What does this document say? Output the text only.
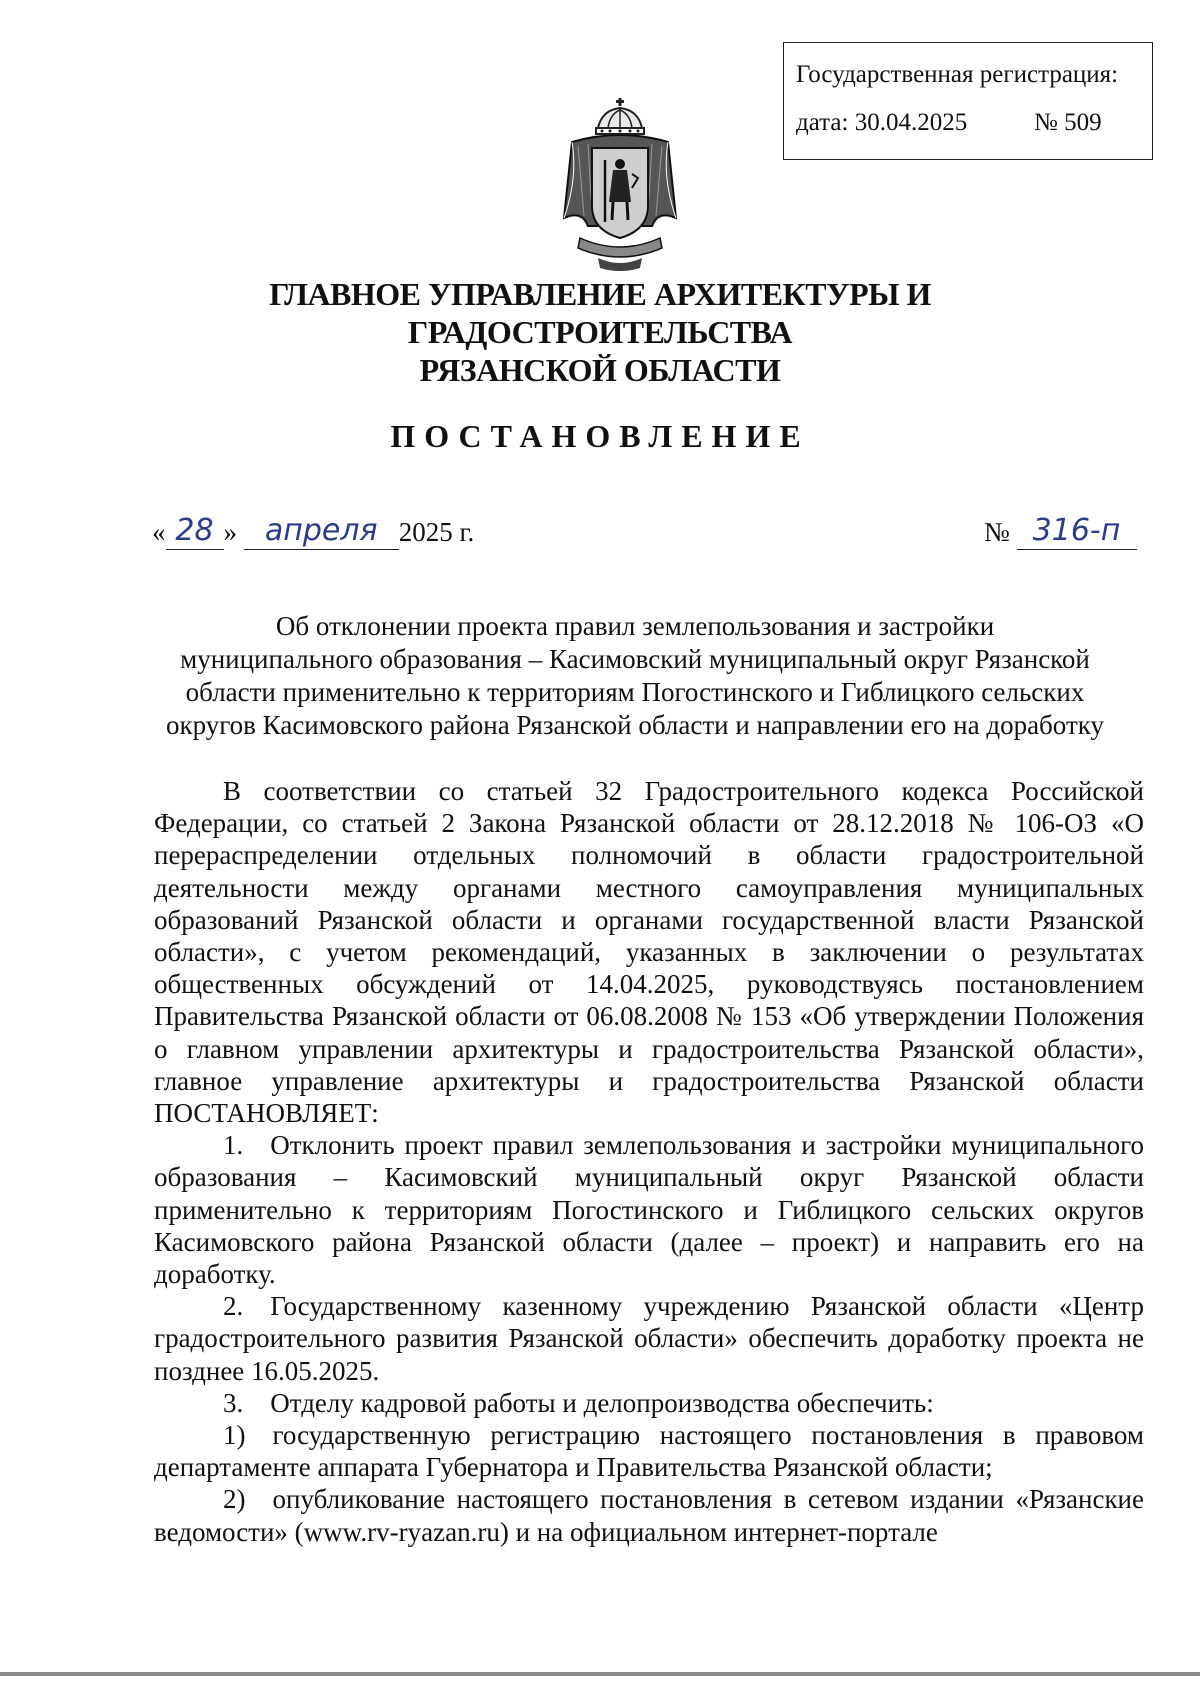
Государственная регистрация:
дата: 30.04.2025	№ 509
ГЛАВНОЕ УПРАВЛЕНИЕ АРХИТЕКТУРЫ И ГРАДОСТРОИТЕЛЬСТВА
РЯЗАНСКОЙ ОБЛАСТИ
ПОСТАНОВЛЕНИЕ
« 28 » апреля 2025 г.	№ 316-п
Об отклонении проекта правил землепользования и застройки
муниципального образования – Касимовский муниципальный округ Рязанской
области применительно к территориям Погостинского и Гиблицкого сельских
округов Касимовского района Рязанской области и направлении его на доработку

В соответствии со статьей 32 Градостроительного кодекса Российской Федерации, со статьей 2 Закона Рязанской области от 28.12.2018 № 106-ОЗ «О перераспределении отдельных полномочий в области градостроительной деятельности между органами местного самоуправления муниципальных образований Рязанской области и органами государственной власти Рязанской области», с учетом рекомендаций, указанных в заключении о результатах общественных обсуждений от 14.04.2025, руководствуясь постановлением Правительства Рязанской области от 06.08.2008 № 153 «Об утверждении Положения о главном управлении архитектуры и градостроительства Рязанской области», главное управление архитектуры и градостроительства Рязанской области ПОСТАНОВЛЯЕТ:

1. Отклонить проект правил землепользования и застройки муниципального образования – Касимовский муниципальный округ Рязанской области применительно к территориям Погостинского и Гиблицкого сельских округов Касимовского района Рязанской области (далее – проект) и направить его на доработку.

2. Государственному казенному учреждению Рязанской области «Центр градостроительного развития Рязанской области» обеспечить доработку проекта не позднее 16.05.2025.

3. Отделу кадровой работы и делопроизводства обеспечить:

1) государственную регистрацию настоящего постановления в правовом департаменте аппарата Губернатора и Правительства Рязанской области;

2) опубликование настоящего постановления в сетевом издании «Рязанские ведомости» (www.rv-ryazan.ru) и на официальном интернет-портале
